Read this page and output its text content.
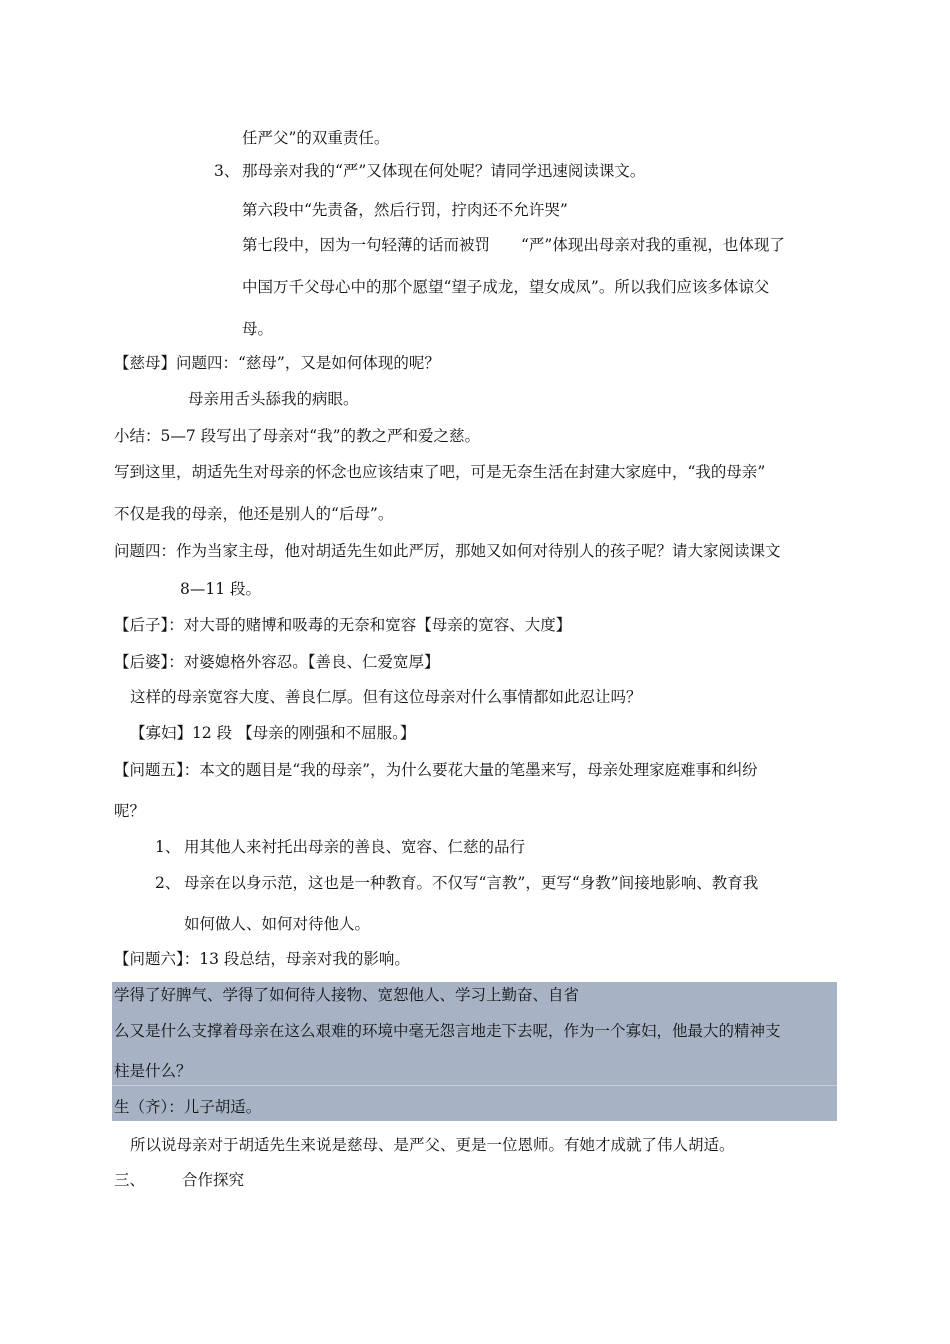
任严父”的双重责任。
3、 那母亲对我的“严”又体现在何处呢？请同学迅速阅读课文。
第六段中“先责备，然后行罚，拧肉还不允许哭”
第七段中，因为一句轻薄的话而被罚　　“严”体现出母亲对我的重视，也体现了
中国万千父母心中的那个愿望“望子成龙，望女成凤”。所以我们应该多体谅父
母。
【慈母】问题四：“慈母”，又是如何体现的呢？
母亲用舌头舔我的病眼。
小结：5—7 段写出了母亲对“我”的教之严和爱之慈。
写到这里，胡适先生对母亲的怀念也应该结束了吧，可是无奈生活在封建大家庭中，“我的母亲”
不仅是我的母亲，他还是别人的“后母”。
问题四：作为当家主母，他对胡适先生如此严厉，那她又如何对待别人的孩子呢？请大家阅读课文
8—11 段。
【后子】：对大哥的赌博和吸毒的无奈和宽容【母亲的宽容、大度】
【后婆】：对婆媳格外容忍。【善良、仁爱宽厚】
这样的母亲宽容大度、善良仁厚。但有这位母亲对什么事情都如此忍让吗？
【寡妇】12 段 【母亲的刚强和不屈服。】
【问题五】：本文的题目是“我的母亲”，为什么要花大量的笔墨来写，母亲处理家庭难事和纠纷
呢？
1、 用其他人来衬托出母亲的善良、宽容、仁慈的品行
2、 母亲在以身示范，这也是一种教育。不仅写“言教”，更写“身教”间接地影响、教育我
如何做人、如何对待他人。
【问题六】：13 段总结，母亲对我的影响。
学得了好脾气、学得了如何待人接物、宽恕他人、学习上勤奋、自省
么又是什么支撑着母亲在这么艰难的环境中毫无怨言地走下去呢，作为一个寡妇，他最大的精神支
柱是什么？
生（齐）：儿子胡适。
所以说母亲对于胡适先生来说是慈母、是严父、更是一位恩师。有她才成就了伟人胡适。
三、 合作探究
